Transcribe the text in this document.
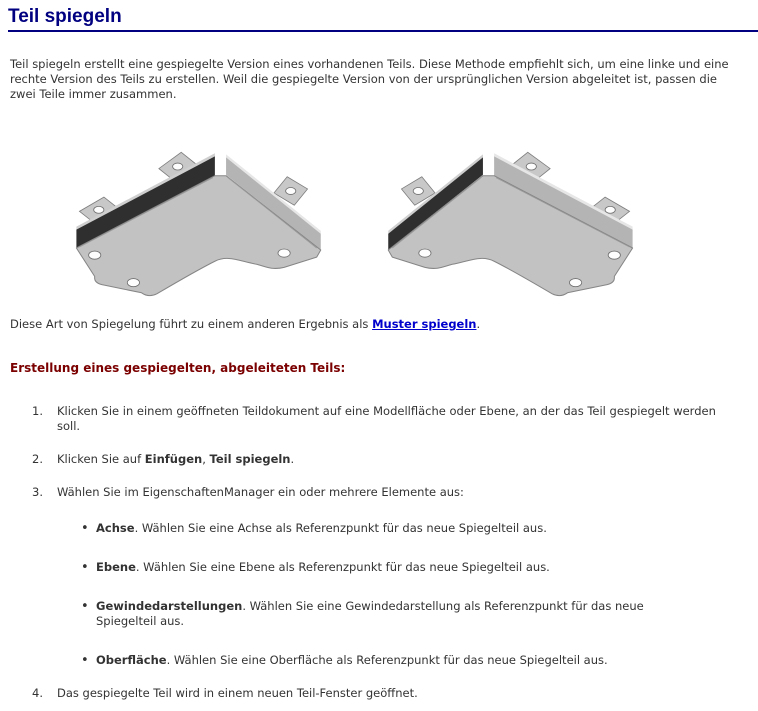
Teil spiegeln

Teil spiegeln erstellt eine gespiegelte Version eines vorhandenen Teils. Diese Methode empfiehlt sich, um eine linke und eine rechte Version des Teils zu erstellen. Weil die gespiegelte Version von der ursprünglichen Version abgeleitet ist, passen die zwei Teile immer zusammen.

Diese Art von Spiegelung führt zu einem anderen Ergebnis als Muster spiegeln.

Erstellung eines gespiegelten, abgeleiteten Teils:
1.	Klicken Sie in einem geöffneten Teildokument auf eine Modellfläche oder Ebene, an der das Teil gespiegelt werden soll.
2.	Klicken Sie auf Einfügen, Teil spiegeln.
3.	Wählen Sie im EigenschaftenManager ein oder mehrere Elemente aus:
• Achse. Wählen Sie eine Achse als Referenzpunkt für das neue Spiegelteil aus.
• Ebene. Wählen Sie eine Ebene als Referenzpunkt für das neue Spiegelteil aus.
• Gewindedarstellungen. Wählen Sie eine Gewindedarstellung als Referenzpunkt für das neue Spiegelteil aus.
• Oberfläche. Wählen Sie eine Oberfläche als Referenzpunkt für das neue Spiegelteil aus.
4.	Das gespiegelte Teil wird in einem neuen Teil-Fenster geöffnet.
